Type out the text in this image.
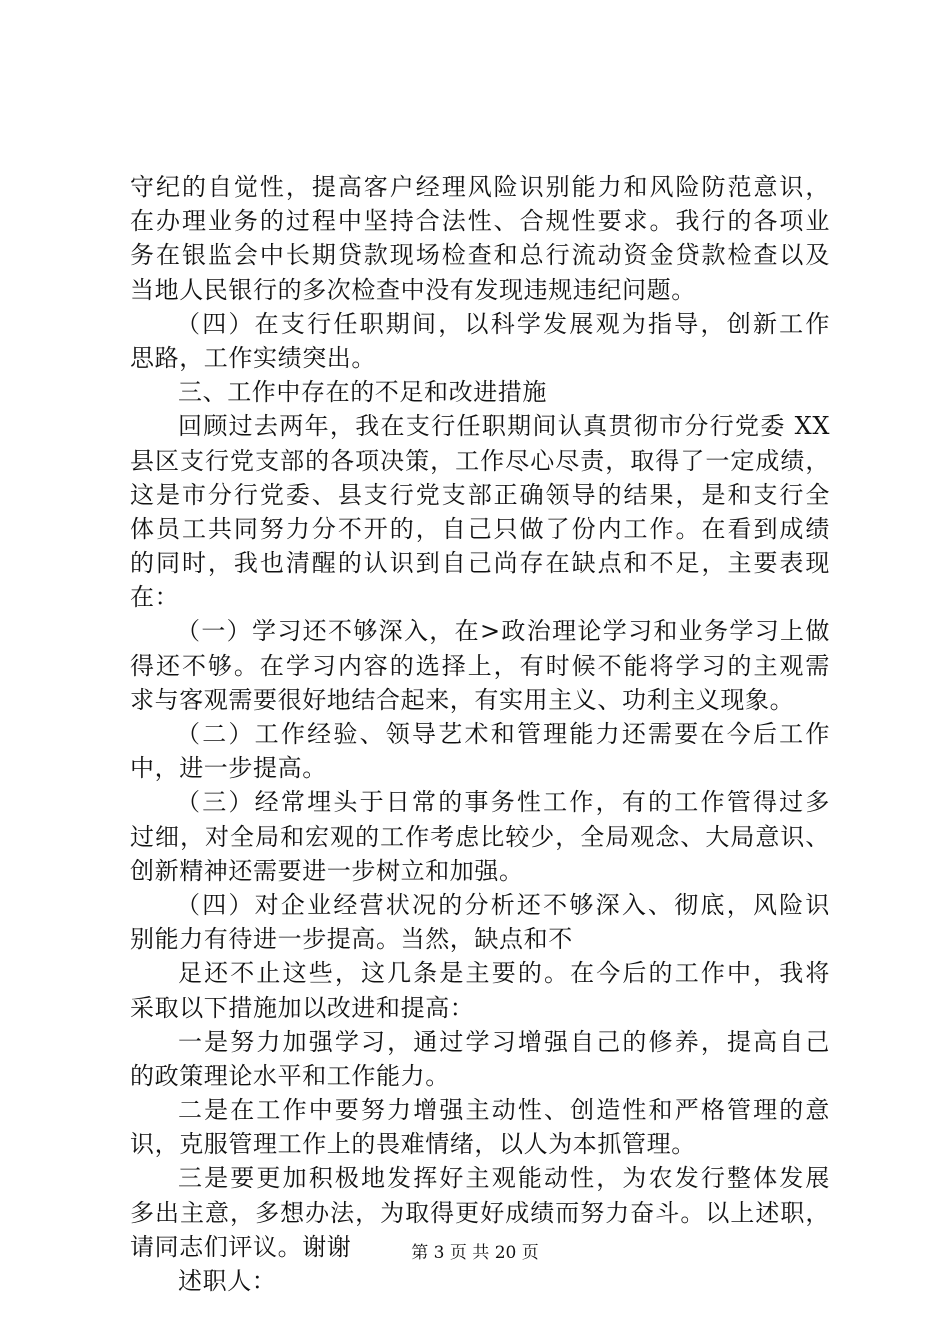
守纪的自觉性，提高客户经理风险识别能力和风险防范意识，
在办理业务的过程中坚持合法性、合规性要求。我行的各项业
务在银监会中长期贷款现场检查和总行流动资金贷款检查以及
当地人民银行的多次检查中没有发现违规违纪问题。
（四）在支行任职期间，以科学发展观为指导，创新工作
思路，工作实绩突出。
三、工作中存在的不足和改进措施
回顾过去两年，我在支行任职期间认真贯彻市分行党委 XX
县区支行党支部的各项决策，工作尽心尽责，取得了一定成绩，
这是市分行党委、县支行党支部正确领导的结果，是和支行全
体员工共同努力分不开的，自己只做了份内工作。在看到成绩
的同时，我也清醒的认识到自己尚存在缺点和不足，主要表现
在：
（一）学习还不够深入，在>政治理论学习和业务学习上做
得还不够。在学习内容的选择上，有时候不能将学习的主观需
求与客观需要很好地结合起来，有实用主义、功利主义现象。
（二）工作经验、领导艺术和管理能力还需要在今后工作
中，进一步提高。
（三）经常埋头于日常的事务性工作，有的工作管得过多
过细，对全局和宏观的工作考虑比较少，全局观念、大局意识、
创新精神还需要进一步树立和加强。
（四）对企业经营状况的分析还不够深入、彻底，风险识
别能力有待进一步提高。当然，缺点和不
足还不止这些，这几条是主要的。在今后的工作中，我将
采取以下措施加以改进和提高：
一是努力加强学习，通过学习增强自己的修养，提高自己
的政策理论水平和工作能力。
二是在工作中要努力增强主动性、创造性和严格管理的意
识，克服管理工作上的畏难情绪，以人为本抓管理。
三是要更加积极地发挥好主观能动性，为农发行整体发展
多出主意，多想办法，为取得更好成绩而努力奋斗。以上述职，
请同志们评议。谢谢
述职人：
第 3 页 共 20 页
